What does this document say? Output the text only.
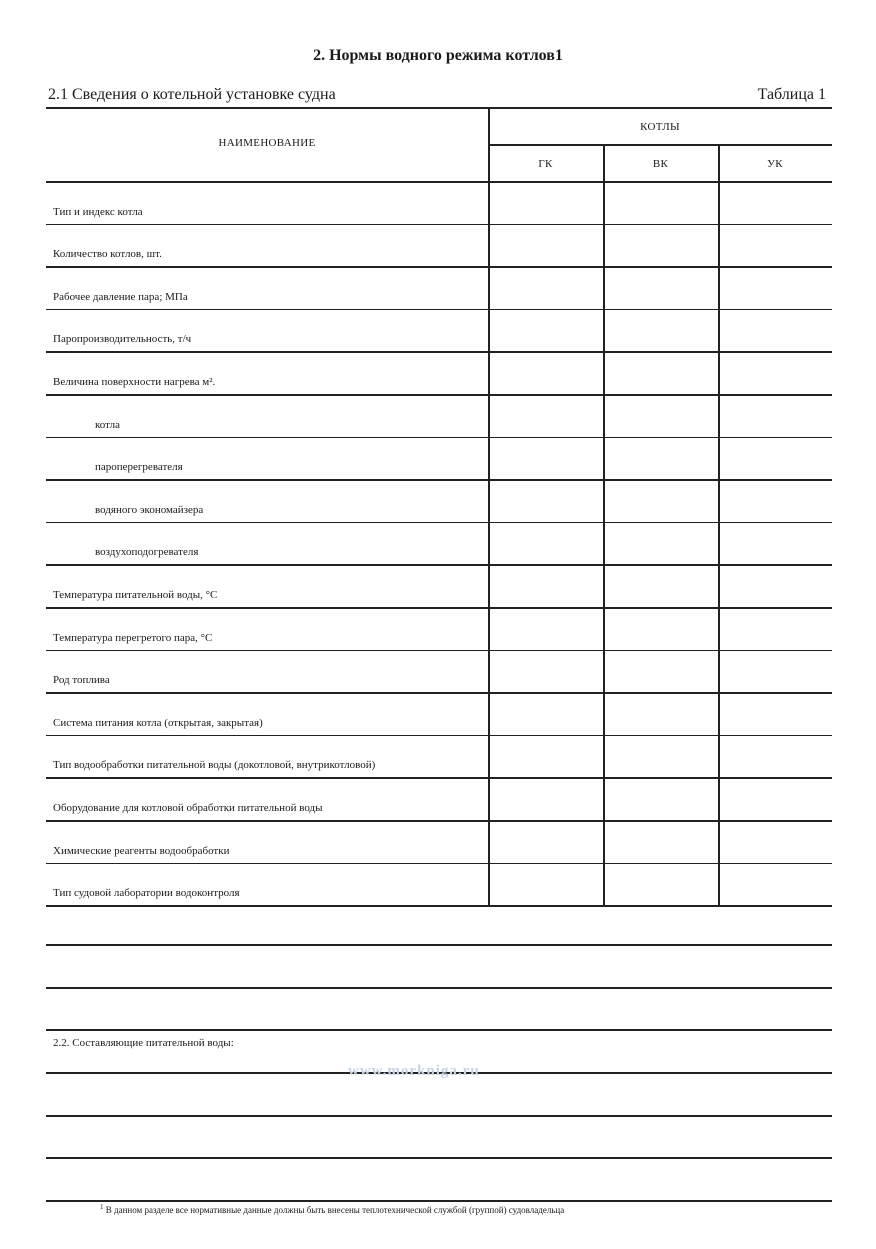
2. Нормы водного режима котлов1
2.1 Сведения о котельной установке судна	Таблица 1
НАИМЕНОВАНИЕ
КОТЛЫ
ГК	ВК	УК
Тип и индекс котла
Количество котлов, шт.
Рабочее давление пара; МПа
Паропроизводительность, т/ч
Величина поверхности нагрева м².
котла
пароперегревателя
водяного экономайзера
воздухоподогревателя
Температура питательной воды, °С
Температура перегретого пара, °С
Род топлива
Система питания котла (открытая, закрытая)
Тип водообработки питательной воды (докотловой, внутрикотловой)
Оборудование для котловой обработки питательной воды
Химические реагенты водообработки
Тип судовой лаборатории водоконтроля
2.2. Составляющие питательной воды:
www.morkniga.ru
$^1$ В данном разделе все нормативные данные должны быть внесены теплотехнической службой (группой) судовладельца
